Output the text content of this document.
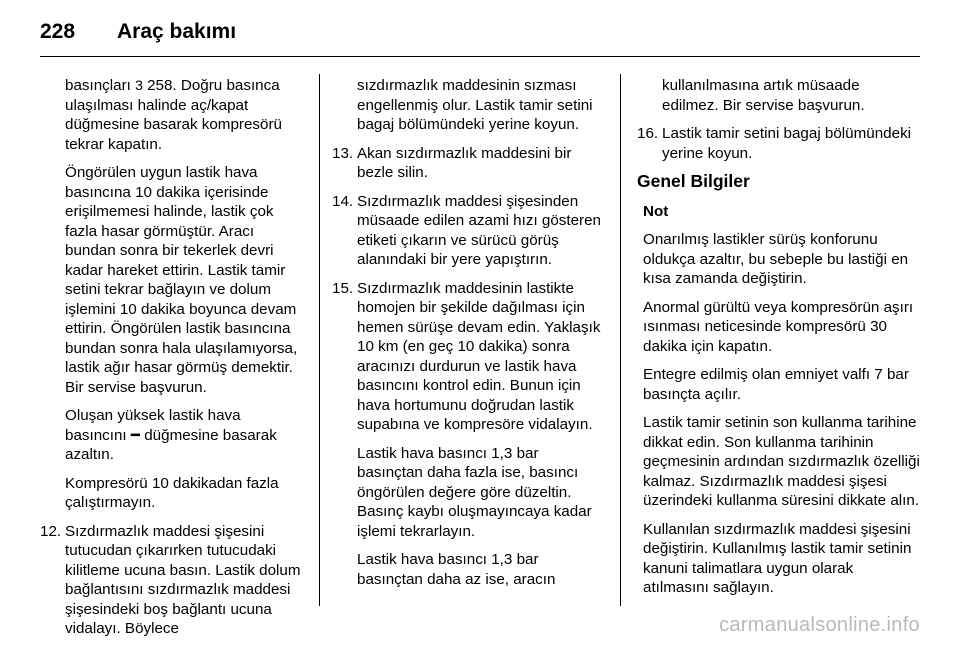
228	Araç bakımı

basınçları 3 258. Doğru basınca ulaşılması halinde aç/kapat düğmesine basarak kompresörü tekrar kapatın.

Öngörülen uygun lastik hava basıncına 10 dakika içerisinde erişilmemesi halinde, lastik çok fazla hasar görmüştür. Aracı bundan sonra bir tekerlek devri kadar hareket ettirin. Lastik tamir setini tekrar bağlayın ve dolum işlemini 10 dakika boyunca devam ettirin. Öngörülen lastik basıncına bundan sonra hala ulaşılamıyorsa, lastik ağır hasar görmüş demektir. Bir servise başvurun.

Oluşan yüksek lastik hava basıncını ━ düğmesine basarak azaltın.

Kompresörü 10 dakikadan fazla çalıştırmayın.

12. Sızdırmazlık maddesi şişesini tutucudan çıkarırken tutucudaki kilitleme ucuna basın. Lastik dolum bağlantısını sızdırmazlık maddesi şişesindeki boş bağlantı ucuna vidalayı. Böylece

sızdırmazlık maddesinin sızması engellenmiş olur. Lastik tamir setini bagaj bölümündeki yerine koyun.

13. Akan sızdırmazlık maddesini bir bezle silin.
14. Sızdırmazlık maddesi şişesinden müsaade edilen azami hızı gösteren etiketi çıkarın ve sürücü görüş alanındaki bir yere yapıştırın.
15. Sızdırmazlık maddesinin lastikte homojen bir şekilde dağılması için hemen sürüşe devam edin. Yaklaşık 10 km (en geç 10 dakika) sonra aracınızı durdurun ve lastik hava basıncını kontrol edin. Bunun için hava hortumunu doğrudan lastik supabına ve kompresöre vidalayın.

Lastik hava basıncı 1,3 bar basınçtan daha fazla ise, basıncı öngörülen değere göre düzeltin. Basınç kaybı oluşmayıncaya kadar işlemi tekrarlayın.

Lastik hava basıncı 1,3 bar basınçtan daha az ise, aracın

kullanılmasına artık müsaade edilmez. Bir servise başvurun.

16. Lastik tamir setini bagaj bölümündeki yerine koyun.
Genel Bilgiler

Not

Onarılmış lastikler sürüş konforunu oldukça azaltır, bu sebeple bu lastiği en kısa zamanda değiştirin.

Anormal gürültü veya kompresörün aşırı ısınması neticesinde kompresörü 30 dakika için kapatın.

Entegre edilmiş olan emniyet valfı 7 bar basınçta açılır.

Lastik tamir setinin son kullanma tarihine dikkat edin. Son kullanma tarihinin geçmesinin ardından sızdırmazlık özelliği kalmaz. Sızdırmazlık maddesi şişesi üzerindeki kullanma süresini dikkate alın.

Kullanılan sızdırmazlık maddesi şişesini değiştirin. Kullanılmış lastik tamir setinin kanuni talimatlara uygun olarak atılmasını sağlayın.

carmanualsonline.info
